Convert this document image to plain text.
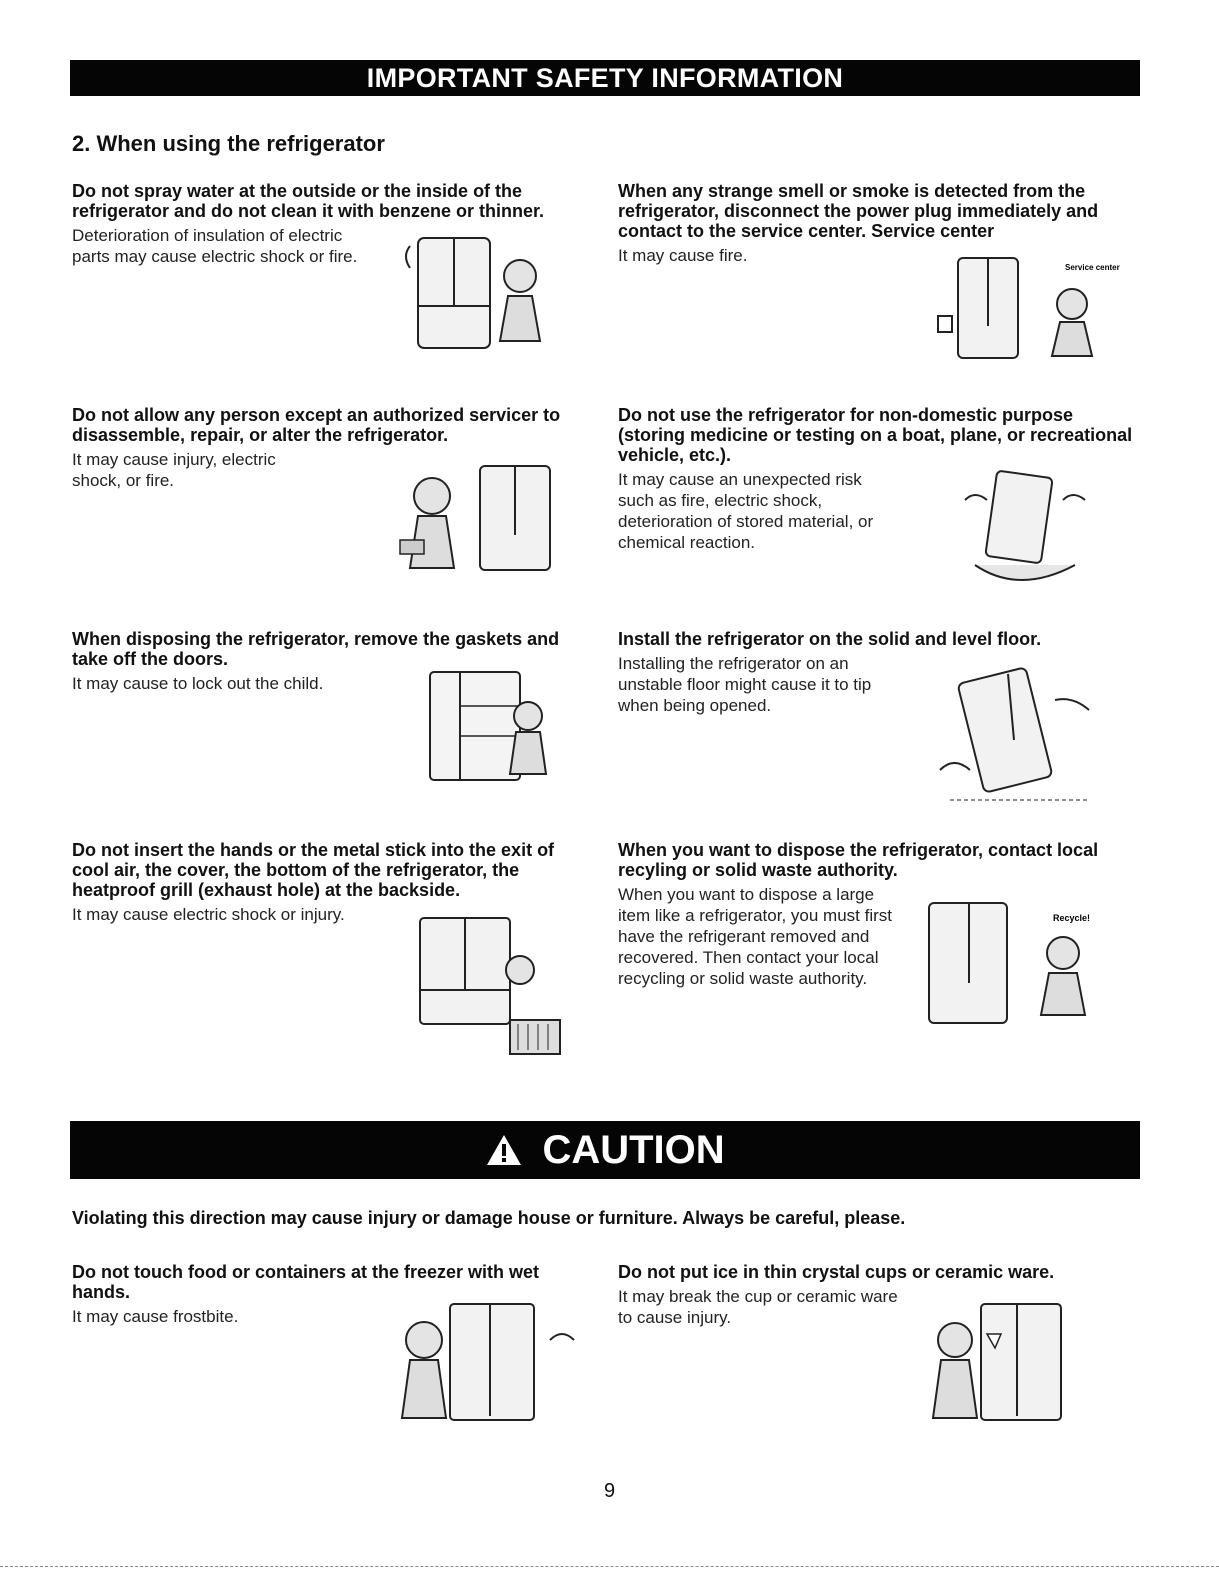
IMPORTANT SAFETY INFORMATION
2. When using the refrigerator
Do not spray water at the outside or the inside of the refrigerator and do not clean it with benzene or thinner.

Deterioration of insulation of electric parts may cause electric shock or fire.

When any strange smell or smoke is detected from the refrigerator, disconnect the power plug immediately and contact to the service center. Service center

It may cause fire.

Service center
Do not allow any person except an authorized servicer to disassemble, repair, or alter the refrigerator.

It may cause injury, electric shock, or fire.

Do not use the refrigerator for non-domestic purpose (storing medicine or testing on a boat, plane, or recreational vehicle, etc.).

It may cause an unexpected risk such as fire, electric shock, deterioration of stored material, or chemical reaction.

When disposing the refrigerator, remove the gaskets and take off the doors.

It may cause to lock out the child.

Install the refrigerator on the solid and level floor.

Installing the refrigerator on an unstable floor might cause it to tip when being opened.

Do not insert the hands or the metal stick into the exit of cool air, the cover, the bottom of the refrigerator, the heatproof grill (exhaust hole) at the backside.

It may cause electric shock or injury.

When you want to dispose the refrigerator, contact local recyling or solid waste authority.

When you want to dispose a large item like a refrigerator, you must first have the refrigerant removed and recovered. Then contact your local recycling or solid waste authority.

Recycle!
CAUTION
Violating this direction may cause injury or damage house or furniture. Always be careful, please.
Do not touch food or containers at the freezer with wet hands.

It may cause frostbite.

Do not put ice in thin crystal cups or ceramic ware.

It may break the cup or ceramic ware to cause injury.

9
